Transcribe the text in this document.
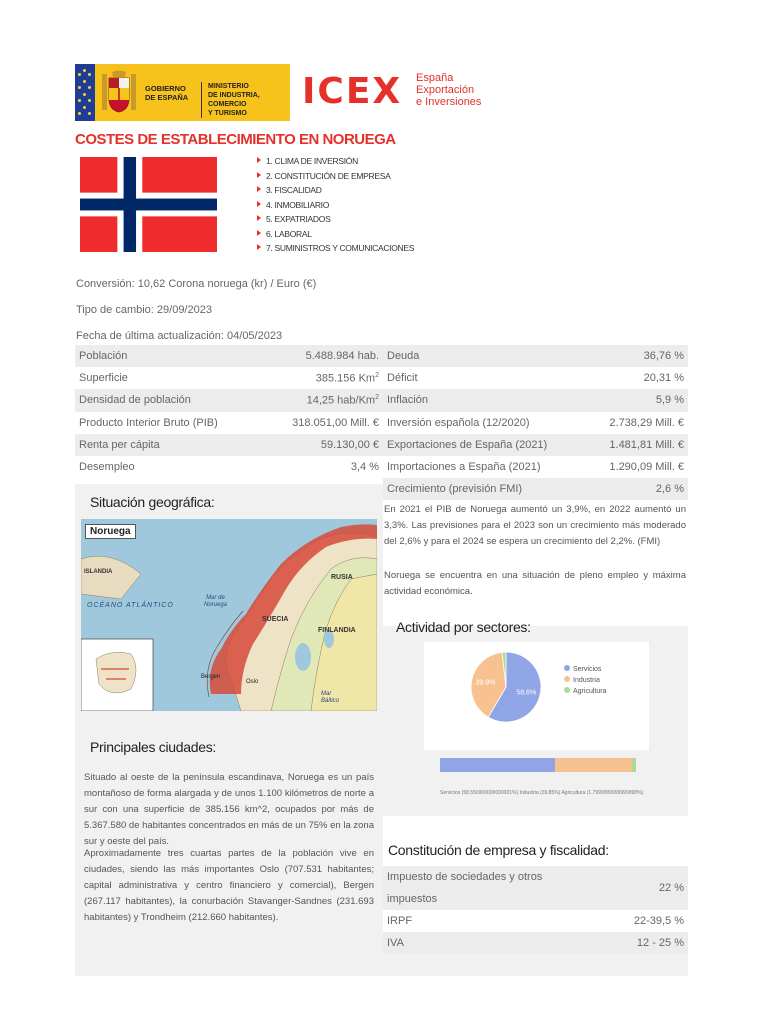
GOBIERNO
DE ESPAÑA
MINISTERIO
DE INDUSTRIA, COMERCIO
Y TURISMO
ICEX España
Exportación
e Inversiones
COSTES DE ESTABLECIMIENTO EN NORUEGA
1. CLIMA DE INVERSIÓN
2. CONSTITUCIÓN DE EMPRESA
3. FISCALIDAD
4. INMOBILIARIO
5. EXPATRIADOS
6. LABORAL
7. SUMINISTROS Y COMUNICACIONES
Conversión: 10,62 Corona noruega (kr) / Euro (€)
Tipo de cambio: 29/09/2023
Fecha de última actualización: 04/05/2023
Población	5.488.984 hab.
Superficie	385.156 Km$^2$
Densidad de población	14,25 hab/Km$^2$
Producto Interior Bruto (PIB)	318.051,00 Mill. €
Renta per cápita	59.130,00 €
Desempleo	3,4 %
Deuda	36,76 %
Déficit	20,31 %
Inflación	5,9 %
Inversión española (12/2020)	2.738,29 Mill. €
Exportaciones de España (2021)	1.481,81 Mill. €
Importaciones a España (2021)	1.290,09 Mill. €
Crecimiento (previsión FMI)	2,6 %
En 2021 el PIB de Noruega aumentó un 3,9%, en 2022 aumentó un 3,3%. Las previsiones para el 2023 son un crecimiento más moderado del 2,6% y para el 2024 se espera un crecimiento del 2,2%. (FMI)
Noruega se encuentra en una situación de pleno empleo y máxima actividad económica.
Situación geográfica:
Noruega
ISLANDIA
OCÉANO ATLÁNTICO
Mar de
Noruega
SUECIA
FINLANDIA
RUSIA
Bergen
Oslo
Mar
Báltico
Actividad por sectores:
58.6%
39.9%
Servicios
Industria
Agricultura
Servicios (58.550000000000001%) Industria (39.85%) Agricultura (1.7999999999999998%)
Principales ciudades:
Situado al oeste de la península escandinava, Noruega es un país montañoso de forma alargada y de unos 1.100 kilómetros de norte a sur con una superficie de 385.156 km^2, ocupados por más de 5.367.580 de habitantes concentrados en más de un 75% en la zona sur y oeste del país.
Aproximadamente tres cuartas partes de la población vive en ciudades, siendo las más importantes Oslo (707.531 habitantes; capital administrativa y centro financiero y comercial), Bergen (267.117 habitantes), la conurbación Stavanger-Sandnes (231.693 habitantes) y Trondheim (212.660 habitantes).
Constitución de empresa y fiscalidad:
Impuesto de sociedades y otros
impuestos
22 %
IRPF	22-39,5 %
IVA	12 - 25 %
